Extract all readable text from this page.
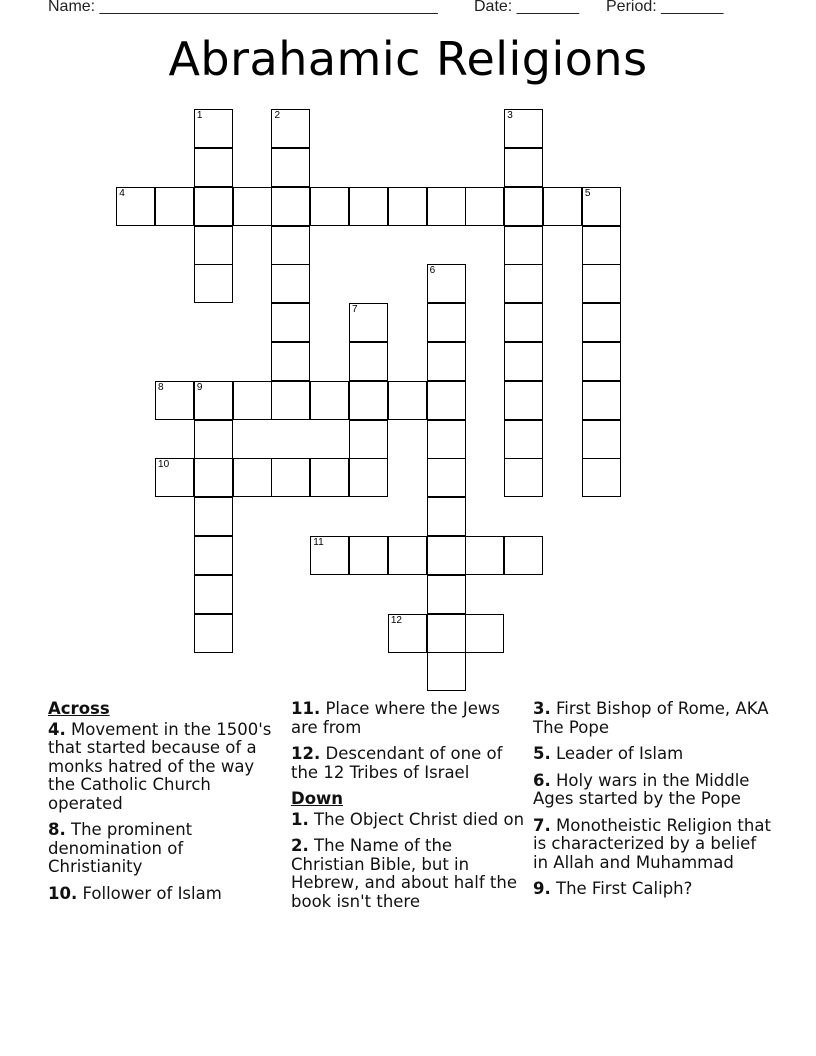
Name: ______________________________________ Date: _______ Period: _______
Abrahamic Religions
1	2	3
4	5
6
7
8	9
10
11
12
Across
4. Movement in the 1500's that started because of a monks hatred of the way the Catholic Church operated
8. The prominent denomination of Christianity
10. Follower of Islam
11. Place where the Jews are from
12. Descendant of one of the 12 Tribes of Israel
Down
1. The Object Christ died on
2. The Name of the Christian Bible, but in Hebrew, and about half the book isn't there
3. First Bishop of Rome, AKA The Pope
5. Leader of Islam
6. Holy wars in the Middle Ages started by the Pope
7. Monotheistic Religion that is characterized by a belief in Allah and Muhammad
9. The First Caliph?
